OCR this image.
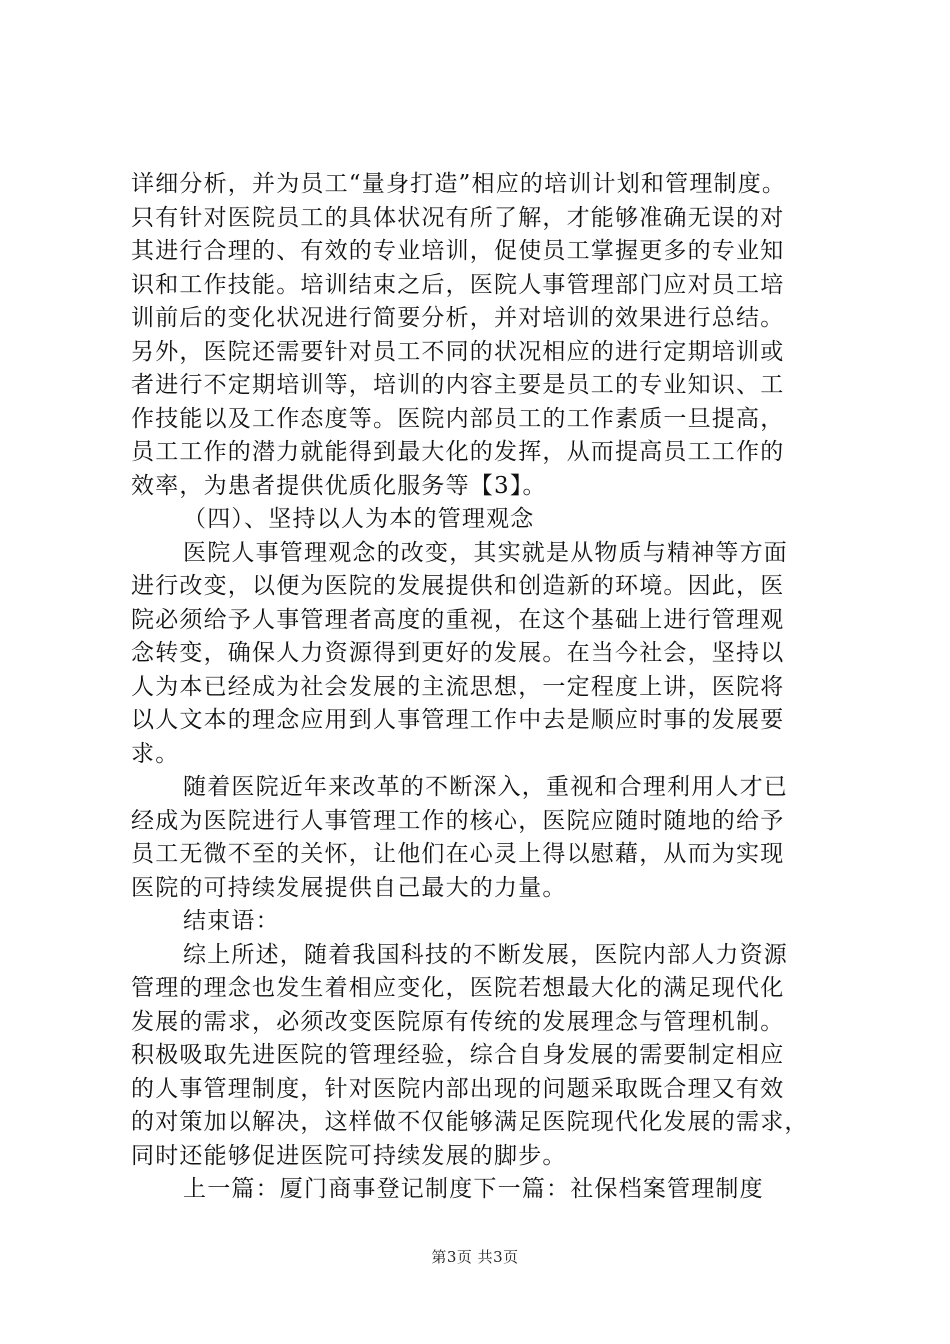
详细分析，并为员工“量身打造”相应的培训计划和管理制度。
只有针对医院员工的具体状况有所了解，才能够准确无误的对
其进行合理的、有效的专业培训，促使员工掌握更多的专业知
识和工作技能。培训结束之后，医院人事管理部门应对员工培
训前后的变化状况进行简要分析，并对培训的效果进行总结。
另外，医院还需要针对员工不同的状况相应的进行定期培训或
者进行不定期培训等，培训的内容主要是员工的专业知识、工
作技能以及工作态度等。医院内部员工的工作素质一旦提高，
员工工作的潜力就能得到最大化的发挥，从而提高员工工作的
效率，为患者提供优质化服务等【3】。
（四）、坚持以人为本的管理观念
医院人事管理观念的改变，其实就是从物质与精神等方面
进行改变，以便为医院的发展提供和创造新的环境。因此，医
院必须给予人事管理者高度的重视，在这个基础上进行管理观
念转变，确保人力资源得到更好的发展。在当今社会，坚持以
人为本已经成为社会发展的主流思想，一定程度上讲，医院将
以人文本的理念应用到人事管理工作中去是顺应时事的发展要
求。
随着医院近年来改革的不断深入，重视和合理利用人才已
经成为医院进行人事管理工作的核心，医院应随时随地的给予
员工无微不至的关怀，让他们在心灵上得以慰藉，从而为实现
医院的可持续发展提供自己最大的力量。
结束语：
综上所述，随着我国科技的不断发展，医院内部人力资源
管理的理念也发生着相应变化，医院若想最大化的满足现代化
发展的需求，必须改变医院原有传统的发展理念与管理机制。
积极吸取先进医院的管理经验，综合自身发展的需要制定相应
的人事管理制度，针对医院内部出现的问题采取既合理又有效
的对策加以解决，这样做不仅能够满足医院现代化发展的需求，
同时还能够促进医院可持续发展的脚步。
上一篇：厦门商事登记制度下一篇：社保档案管理制度
第3页 共3页
